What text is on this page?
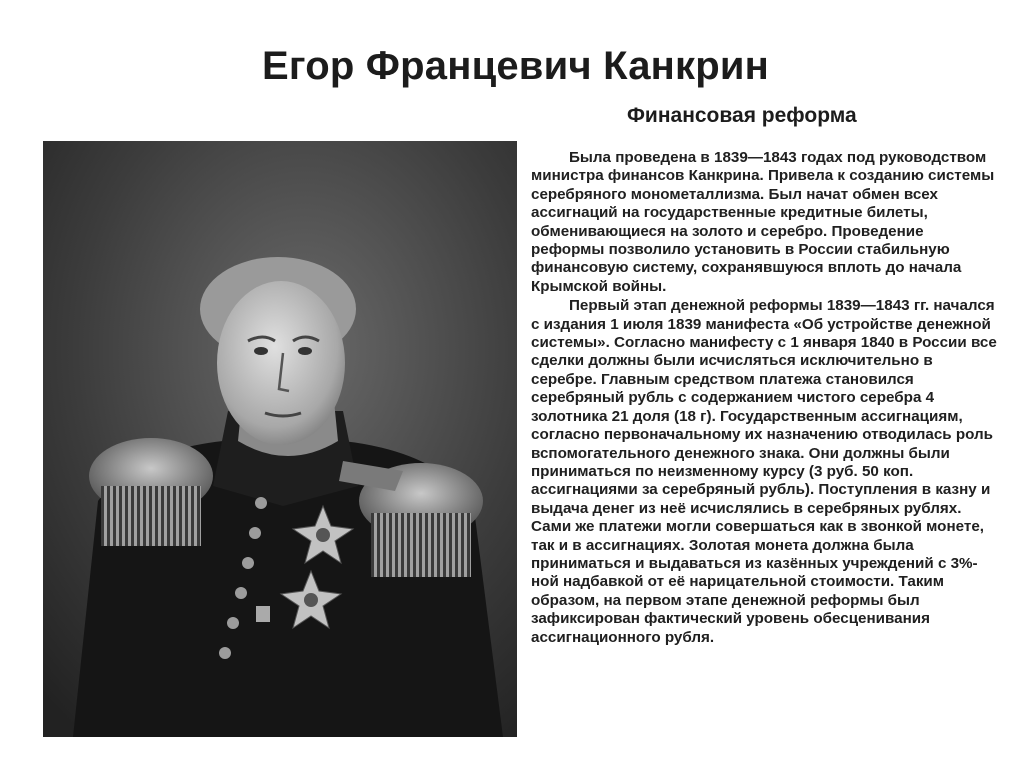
Егор Францевич Канкрин
Финансовая реформа

Была проведена в 1839—1843 годах под руководством министра финансов Канкрина. Привела к созданию системы серебряного монометаллизма. Был начат обмен всех ассигнаций на государственные кредитные билеты, обменивающиеся на золото и серебро. Проведение реформы позволило установить в России стабильную финансовую систему, сохранявшуюся вплоть до начала Крымской войны.

Первый этап денежной реформы 1839—1843 гг. начался с издания 1 июля 1839 манифеста «Об устройстве денежной системы». Согласно манифесту с 1 января 1840 в России все сделки должны были исчисляться исключительно в серебре. Главным средством платежа становился серебряный рубль с содержанием чистого серебра 4 золотника 21 доля (18 г). Государственным ассигнациям, согласно первоначальному их назначению отводилась роль вспомогательного денежного знака. Они должны были приниматься по неизменному курсу (3 руб. 50 коп. ассигнациями за серебряный рубль). Поступления в казну и выдача денег из неё исчислялись в серебряных рублях. Сами же платежи могли совершаться как в звонкой монете, так и в ассигнациях. Золотая монета должна была приниматься и выдаваться из казённых учреждений с 3%-ной надбавкой от её нарицательной стоимости. Таким образом, на первом этапе денежной реформы был зафиксирован фактический уровень обесценивания ассигнационного рубля.
